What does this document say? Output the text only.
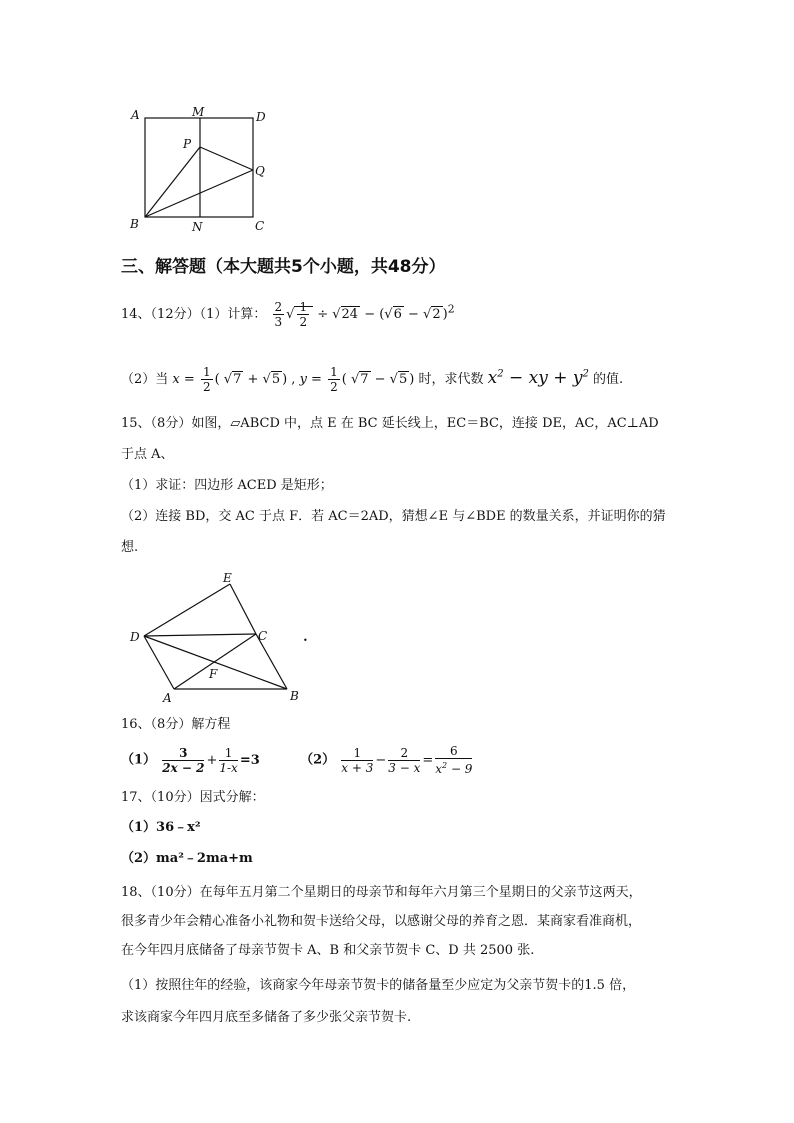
A	M	D
P
Q
B	N	C
三、解答题（本大题共5个小题，共48分）
14、（12分）（1）计算： $\frac{2}{3}$ √ $\frac{1}{2} \div √24 - (√6 - √2$ )$^2$
（2）当 $x = \frac{1}{2}$ ( √7 + √5 ) , $y = \frac{1}{2}$ ( √7 − √5 ) 时，求代数 $x^2$ − xy + $y^2$ 的值.
15、（8分）如图，▱ABCD 中，点 E 在 BC 延长线上，EC＝BC，连接 DE，AC，AC⊥AD
于点 A、
（1）求证：四边形 ACED 是矩形；
（2）连接 BD，交 AC 于点 F．若 AC＝2AD，猜想∠E 与∠BDE 的数量关系，并证明你的猜
想.
E
D	C
F
A	B
•
16、（8分）解方程
$(1) \frac{3}{2x - 2} + \frac{1}{1-x} =3$	$(2) \frac{1}{x + 3} - \frac{2}{3 - x} = \frac{6}{x^2 - 9}$
17、（10分）因式分解：
（1）36﹣x²
（2）ma²﹣2ma+m
18、（10分）在每年五月第二个星期日的母亲节和每年六月第三个星期日的父亲节这两天，
很多青少年会精心准备小礼物和贺卡送给父母，以感谢父母的养育之恩．某商家看准商机，
在今年四月底储备了母亲节贺卡 A、B 和父亲节贺卡 C、D 共 2500 张.
（1）按照往年的经验，该商家今年母亲节贺卡的储备量至少应定为父亲节贺卡的1.5 倍，
求该商家今年四月底至多储备了多少张父亲节贺卡.
